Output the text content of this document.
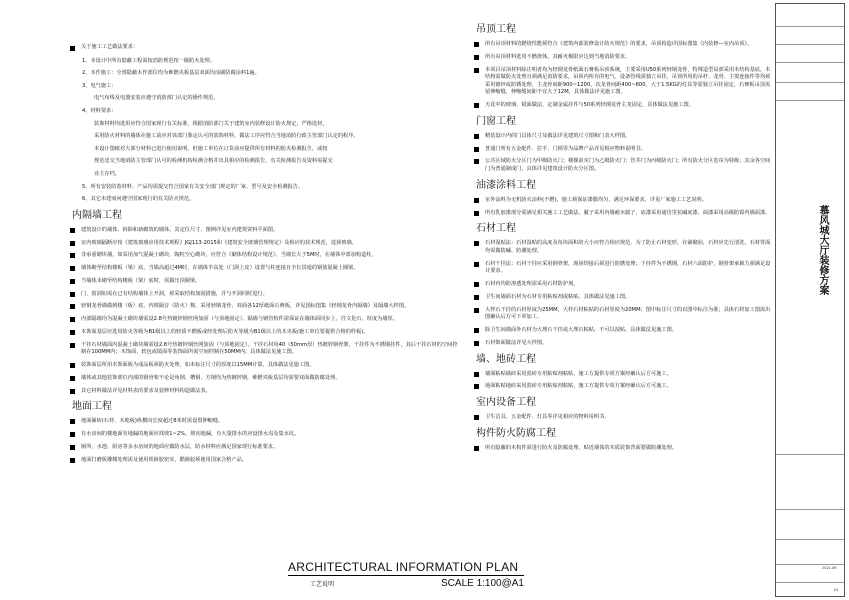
关于施工工艺做法要求：
1、本设计中所有隐蔽工程需按消防规范按一级防火处理。
2、木作施工：全部隐蔽木作部位均为难燃夹板基层双面均涂刷防腐涂料1遍。
3、电气施工：
电气布线及电器安装应遵守消防部门认定的操作规范。
4、材料要求：
装饰材料均选用应符合国家现行有关标准，根据消防部门关于建筑室内装修设计防火规定，严格选材，
采用防火材料的墙体在施工前应对该部门鉴定认可的装饰材料，做法工序应符合当地消防行政主管部门认定的程序。
本设计图纸对大部分材料已进行使用说明，但施工单位在订货前应提供所有材料的防火检测报告，或按
规范送交当地消防主管部门认可的检测机构检测合格并出具相应的检测报告，有关检测报告及资料需提交
业主存档。
5、所有安装防盗材料、产品均需提交符合国家有关安全部门规定的厂家、型号及安全检测报告。
6、其它未建而问遵守国家现行的有关防火规范。
内隔墙工程
建筑设计的墙体、拆除和新砌筑的墙体，其定位尺寸、图例详见室内建筑资料平面图。
室内玻璃隔断应按《建筑玻璃应用技术规程》JGJ113-2015和《建筑安全玻璃管理规定》及相应的技术规范，选择玻璃。
非承重砌块墙，如采用加气混凝土砌块、陶粒空心砌块，应符合《砌体结构设计规范》，当墙长大于5M时，在墙体中部加构造柱。
墙体砌至结构楼板（梁）底，当墙高超过4M时，在墙体半高处（门洞上皮）设置与柱连接且全长贯通的钢筋混凝土圈梁。
当墙体未砌至结构楼板（梁）底时，需做压顶圈梁。
门、窗洞如需在已有结构墙体上开洞，须采取结构加固措施，并与开洞同时进行。
轻钢龙骨墙做到楼（板）底，内填隔音（防火）棉，采用轻钢龙骨、双面各12厚纸面石膏板，详见国标图集《轻钢龙骨内隔墙》及隔墙大样图。
内部隔墙均为混凝土砌块墙需设2.8号热镀锌钢丝网加固（与顶地固定），隔墙与钢管构件需保证在墙体面同步上，往文化石、厚度为墙厚。
木饰面基层应选用防火等级为B1级以上的轻质不燃板或经处理后防火等级为B1级以上的木夹板(施工单位要提供合格的样板)。
干挂石材墙面内混凝土砌块墙需设2.8号热镀锌钢丝网加固（与顶地固定），干挂石材用40（50mm厚）热镀锌钢骨架，干挂件为不锈钢挂件，其后干挂石材的空间控制在100MM内；木饰面、软包或镜面等装饰面所需空间控制在50MM内，具体做法见施工图。
装饰面层所用木饰面板为成品板须防火处理，如未标注尺寸的厚度以15MM计算，具体做法见施工图。
墙体或其他装饰部位内部的钢骨架不论是角钢、槽钢、方钢均为热镀锌钢，难燃夹板基层均需要双面做防腐处理。
其它材料做法详见材料表的要求及装修材料构造做法表。
地面工程
地面铺砖(石材、木地板)纵横向长度超过8米时需设置伸缩缝。
有水房间的楼地面有地漏的地面应找坡1~2%，坡向地漏，有大量排水的应设排水沟及集水坑。
厕所、水池、厨房等多水房间的地面应做防水层，防水材料应满足国家现行标准要求。
地面打磨板雕楼处理需及使用铁箍胶密实，酷箍胶须使用国家合格产品。
吊顶工程
所有吊顶材料的燃烧性能须符合《建筑内部装修设计防火规范》的要求，吊顶构造详国标图集《内装修—室内吊顶》。
所有吊顶材料选用不燃烧体，其耐火极限应达到当地消防要求。
本项目吊顶材料除注明者均为轻钢龙骨纸面石膏板吊顶系统，主要采用U50系列轻钢龙骨，特殊造型局部采用木结构基底，木结构需做防火处理且须满足消防要求，吊顶内所有的电气、设备管线需独立吊挂，吊顶所用的吊杆、龙骨、主要连接件等均须采用镀锌或防锈处理，主龙骨间距900~1200，次龙骨间距400~600，大于1.5KG的灯具等需独立吊挂固定，石膏板吊顶需留伸缩缝，伸缩缝间距不宜大于12M，具体做法详见施工图。
天花中的玻璃、镜面做法，定制金属挂件与50系列轻钢龙骨主龙固定，具体做法见施工图。
门窗工程
精装设计内的门具体尺寸及做法详见建筑尺寸图和门表大样图。
普通门所有五金配件、拉手、门锁等为品牌产品详见相应物料说明书。
公共区域防火分区门为甲级防火门；楼梯前室门为乙级防火门；管井门为丙级防火门；所有防火分区卷帘为特级；其余各空间门为普通制成门，具体详见建筑设计防火分区图。
油漆涂料工程
室外涂料为无机防火涂料(不燃)，施工须保证漆膜均匀，满足环保要求，详见厂家施工工艺说明。
所有乳胶漆部分需满足相关施工工艺做法，腻子采用内墙耐水腻子，底漆采用通仿里抗碱底漆，面漆采用高级防霉内墙面漆。
石材工程
石材湿贴法：石材湿贴的高度及每块面积的大小应符合相应规范，为了防止石材变形，在铺砌前，石材应先行清洗，石材背面均需做防碱、防潮处理。
石材干挂法：石材干挂应采用钢骨架，现场焊接后须进行防锈处理；干挂件为不锈钢，石材六面防护，钢骨架承载力须满足设计要求。
石材内均防渗透处理需采用石材防护剂。
卫生间墙面石材为石材专用粘贴剂或粘贴。具体做法见施工图。
大样石干挂的石材厚度为25MM，大样石材粘贴的石材厚度为20MM；图中标注尺寸的以图中标注为准；具体石材加工图需出图确认后方可下单加工。
除卫生间墙面外石材为大理石干挂或大理石粘贴，不可以湿贴，具体做法见施工图。
石材饰面做法详见大样图。
墙、地砖工程
墙面粘贴墙砖采用瓷砖专用粘贴剂粘贴，施工方提供专项方案经确认后方可施工。
地面粘贴地砖采用瓷砖专用粘贴剂粘贴，施工方提供专项方案经确认后方可施工。
室内设备工程
卫生洁具、五金配件、灯具等详见相应的物料说明书。
构件防火防腐工程
所有隐蔽的木构件需进行防火及防腐处理，贴近墙体的木质装饰背面要做防潮处理。
ARCHITECTURAL INFORMATION PLAN
工艺说明	SCALE 1:100@A1
慕风城大厅装修方案
2021.06
01
